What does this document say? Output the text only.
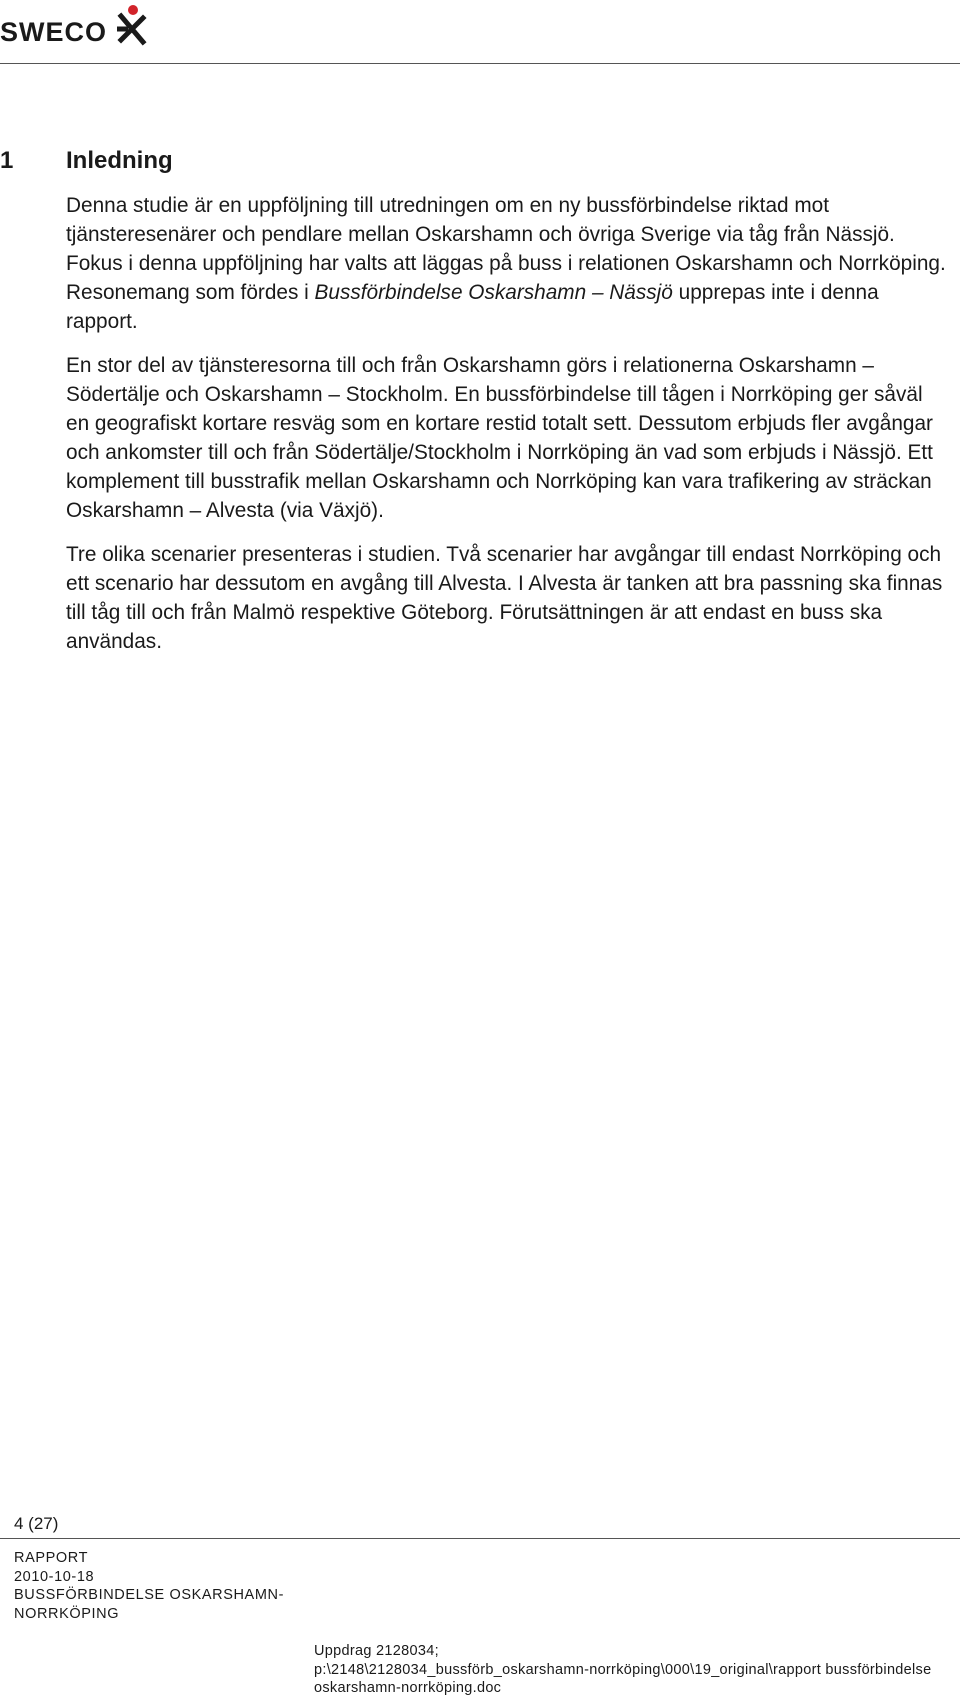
SWECO
1	Inledning

Denna studie är en uppföljning till utredningen om en ny bussförbindelse riktad mot tjänsteresenärer och pendlare mellan Oskarshamn och övriga Sverige via tåg från Nässjö. Fokus i denna uppföljning har valts att läggas på buss i relationen Oskarshamn och Norrköping. Resonemang som fördes i Bussförbindelse Oskarshamn – Nässjö upprepas inte i denna rapport.

En stor del av tjänsteresorna till och från Oskarshamn görs i relationerna Oskarshamn – Södertälje och Oskarshamn – Stockholm. En bussförbindelse till tågen i Norrköping ger såväl en geografiskt kortare resväg som en kortare restid totalt sett. Dessutom erbjuds fler avgångar och ankomster till och från Södertälje/Stockholm i Norrköping än vad som erbjuds i Nässjö. Ett komplement till busstrafik mellan Oskarshamn och Norrköping kan vara trafikering av sträckan Oskarshamn – Alvesta (via Växjö).

Tre olika scenarier presenteras i studien. Två scenarier har avgångar till endast Norrköping och ett scenario har dessutom en avgång till Alvesta. I Alvesta är tanken att bra passning ska finnas till tåg till och från Malmö respektive Göteborg. Förutsättningen är att endast en buss ska användas.

4 (27)
RAPPORT
2010-10-18
BUSSFÖRBINDELSE OSKARSHAMN-
NORRKÖPING
Uppdrag 2128034;
p:\2148\2128034_bussförb_oskarshamn-norrköping\000\19_original\rapport bussförbindelse
oskarshamn-norrköping.doc
